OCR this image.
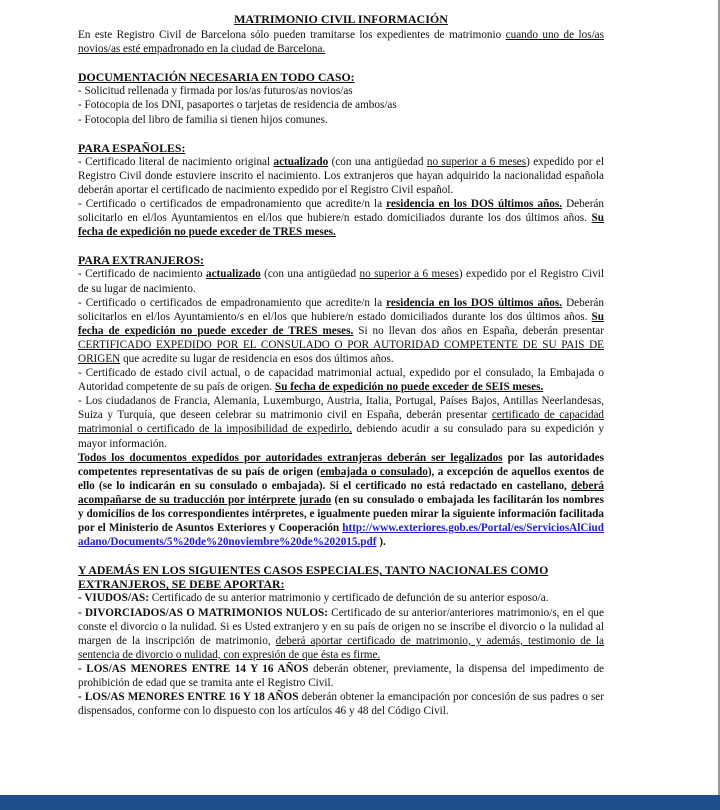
MATRIMONIO CIVIL INFORMACIÓN

En este Registro Civil de Barcelona sólo pueden tramitarse los expedientes de matrimonio cuando uno de los/as novios/as esté empadronado en la ciudad de Barcelona.

DOCUMENTACIÓN NECESARIA EN TODO CASO:

- Solicitud rellenada y firmada por los/as futuros/as novios/as

- Fotocopia de los DNI, pasaportes o tarjetas de residencia de ambos/as

- Fotocopia del libro de familia si tienen hijos comunes.

PARA ESPAÑOLES:

- Certificado literal de nacimiento original actualizado (con una antigüedad no superior a 6 meses) expedido por el Registro Civil donde estuviere inscrito el nacimiento. Los extranjeros que hayan adquirido la nacionalidad española deberán aportar el certificado de nacimiento expedido por el Registro Civil español.

- Certificado o certificados de empadronamiento que acredite/n la residencia en los DOS últimos años. Deberán solicitarlo en el/los Ayuntamientos en el/los que hubiere/n estado domiciliados durante los dos últimos años. Su fecha de expedición no puede exceder de TRES meses.

PARA EXTRANJEROS:

- Certificado de nacimiento actualizado (con una antigüedad no superior a 6 meses) expedido por el Registro Civil de su lugar de nacimiento.

- Certificado o certificados de empadronamiento que acredite/n la residencia en los DOS últimos años. Deberán solicitarlos en el/los Ayuntamiento/s en el/los que hubiere/n estado domiciliados durante los dos últimos años. Su fecha de expedición no puede exceder de TRES meses. Si no llevan dos años en España, deberán presentar CERTIFICADO EXPEDIDO POR EL CONSULADO O POR AUTORIDAD COMPETENTE DE SU PAIS DE ORIGEN que acredite su lugar de residencia en esos dos últimos años.

- Certificado de estado civil actual, o de capacidad matrimonial actual, expedido por el consulado, la Embajada o Autoridad competente de su país de origen. Su fecha de expedición no puede exceder de SEIS meses.

- Los ciudadanos de Francia, Alemania, Luxemburgo, Austria, Italia, Portugal, Países Bajos, Antillas Neerlandesas, Suiza y Turquía, que deseen celebrar su matrimonio civil en España, deberán presentar certificado de capacidad matrimonial o certificado de la imposibilidad de expedirlo, debiendo acudir a su consulado para su expedición y mayor información.

Todos los documentos expedidos por autoridades extranjeras deberán ser legalizados por las autoridades competentes representativas de su país de origen (embajada o consulado), a excepción de aquellos exentos de ello (se lo indicarán en su consulado o embajada). Si el certificado no está redactado en castellano, deberá acompañarse de su traducción por intérprete jurado (en su consulado o embajada les facilitarán los nombres y domicilios de los correspondientes intérpretes, e igualmente pueden mirar la siguiente información facilitada por el Ministerio de Asuntos Exteriores y Cooperación http://www.exteriores.gob.es/Portal/es/ServiciosAlCiudadano/Documents/5%20de%20noviembre%20de%202015.pdf ).

Y ADEMÁS EN LOS SIGUIENTES CASOS ESPECIALES, TANTO NACIONALES COMO EXTRANJEROS, SE DEBE APORTAR:

- VIUDOS/AS: Certificado de su anterior matrimonio y certificado de defunción de su anterior esposo/a.

- DIVORCIADOS/AS O MATRIMONIOS NULOS: Certificado de su anterior/anteriores matrimonio/s, en el que conste el divorcio o la nulidad. Si es Usted extranjero y en su país de origen no se inscribe el divorcio o la nulidad al margen de la inscripción de matrimonio, deberá aportar certificado de matrimonio, y además, testimonio de la sentencia de divorcio o nulidad, con expresión de que ésta es firme.

- LOS/AS MENORES ENTRE 14 Y 16 AÑOS deberán obtener, previamente, la dispensa del impedimento de prohibición de edad que se tramita ante el Registro Civil.

- LOS/AS MENORES ENTRE 16 Y 18 AÑOS deberán obtener la emancipación por concesión de sus padres o ser dispensados, conforme con lo dispuesto con los artículos 46 y 48 del Código Civil.
